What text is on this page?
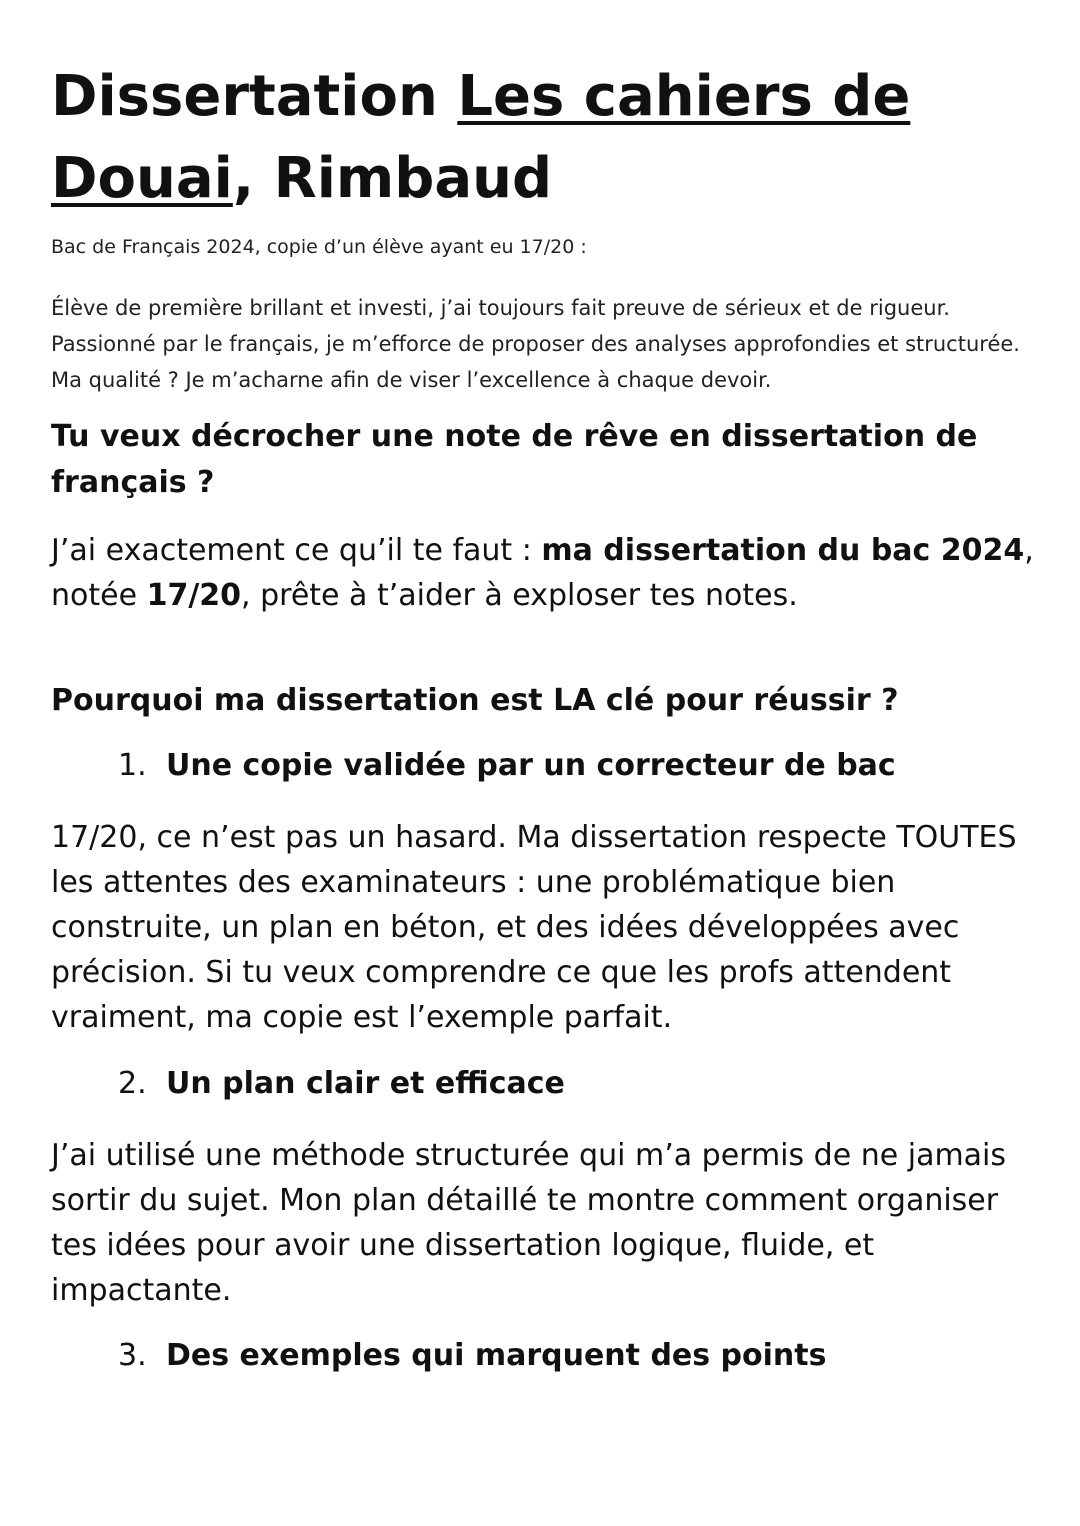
Dissertation Les cahiers de Douai, Rimbaud
Bac de Français 2024, copie d’un élève ayant eu 17/20 :
Élève de première brillant et investi, j’ai toujours fait preuve de sérieux et de rigueur. Passionné par le français, je m’efforce de proposer des analyses approfondies et structurée. Ma qualité ? Je m’acharne afin de viser l’excellence à chaque devoir.
Tu veux décrocher une note de rêve en dissertation de français ?
J’ai exactement ce qu’il te faut : ma dissertation du bac 2024, notée 17/20, prête à t’aider à exploser tes notes.
Pourquoi ma dissertation est LA clé pour réussir ?
1. Une copie validée par un correcteur de bac
17/20, ce n’est pas un hasard. Ma dissertation respecte TOUTES les attentes des examinateurs : une problématique bien construite, un plan en béton, et des idées développées avec précision. Si tu veux comprendre ce que les profs attendent vraiment, ma copie est l’exemple parfait.
2. Un plan clair et efficace
J’ai utilisé une méthode structurée qui m’a permis de ne jamais sortir du sujet. Mon plan détaillé te montre comment organiser tes idées pour avoir une dissertation logique, fluide, et impactante.
3. Des exemples qui marquent des points
